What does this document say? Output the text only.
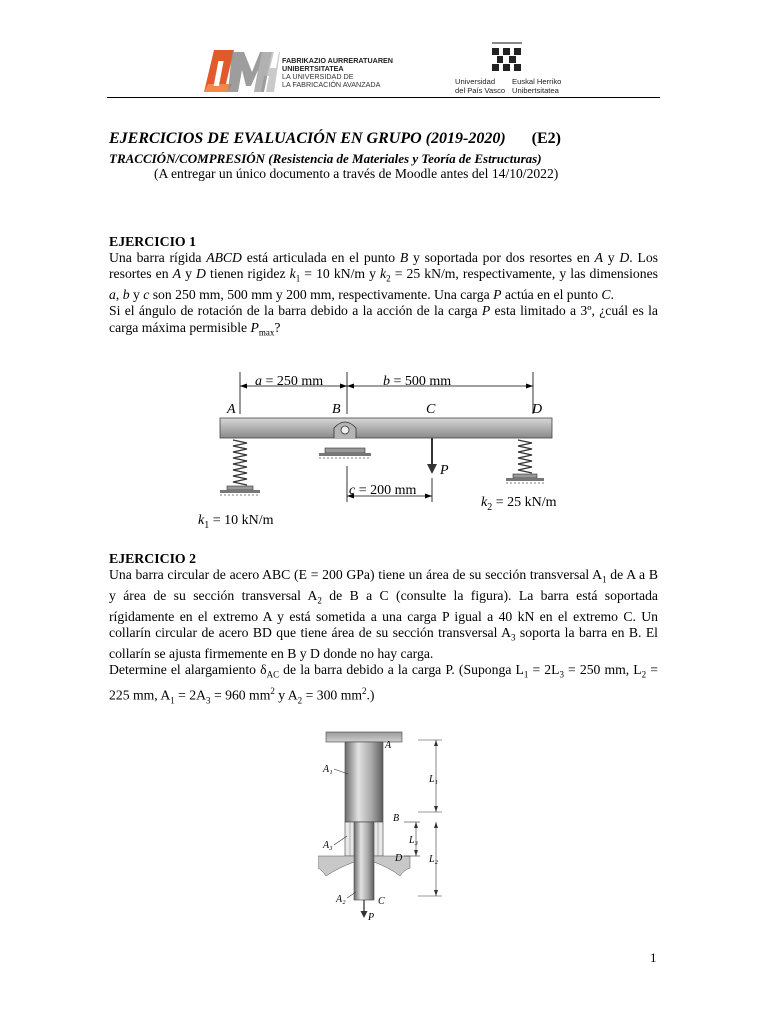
I	FABRIKAZIO AURRERATUAREN
UNIBERTSITATEA
LA UNIVERSIDAD DE
LA FABRICACIÓN AVANZADA	Universidad
del País Vasco
Euskal Herriko
Unibertsitatea
EJERCICIOS DE EVALUACIÓN EN GRUPO (2019-2020) (E2)
TRACCIÓN/COMPRESIÓN (Resistencia de Materiales y Teoría de Estructuras)
(A entregar un único documento a través de Moodle antes del 14/10/2022)
EJERCICIO 1

Una barra rígida ABCD está articulada en el punto B y soportada por dos resortes en A y D. Los resortes en A y D tienen rigidez $k_1 = 10$ kN/m y $k_2 = 25$ kN/m, respectivamente, y las dimensiones a, b y c son 250 mm, 500 mm y 200 mm, respectivamente. Una carga P actúa en el punto C.

Si el ángulo de rotación de la barra debido a la acción de la carga P esta limitado a 3º, ¿cuál es la carga máxima permisible $P_{max}$?

a = 250 mm	b = 500 mm
A	B	C	D
P
c = 200 mm
$k_2 = 25$ kN/m
$k_1 = 10$ kN/m
EJERCICIO 2

Una barra circular de acero ABC (E = 200 GPa) tiene un área de su sección transversal $A_1$ de A a B y área de su sección transversal $A_2$ de B a C (consulte la figura). La barra está soportada rígidamente en el extremo A y está sometida a una carga P igual a 40 kN en el extremo C. Un collarín circular de acero BD que tiene área de su sección transversal $A_3$ soporta la barra en B. El collarín se ajusta firmemente en B y D donde no hay carga.

Determine el alargamiento $\delta_{AC}$ de la barra debido a la carga P. (Suponga $L_1 = 2L_3 = 250$ mm, $L_2 = 225$ mm, $A_1 = 2A_3 = 960$ $mm^2$ y $A_2 = 300$ $mm^2$.)

A
B
D
C
P
A₁
A₃
A₂
L₁
L₃
L₂
1
